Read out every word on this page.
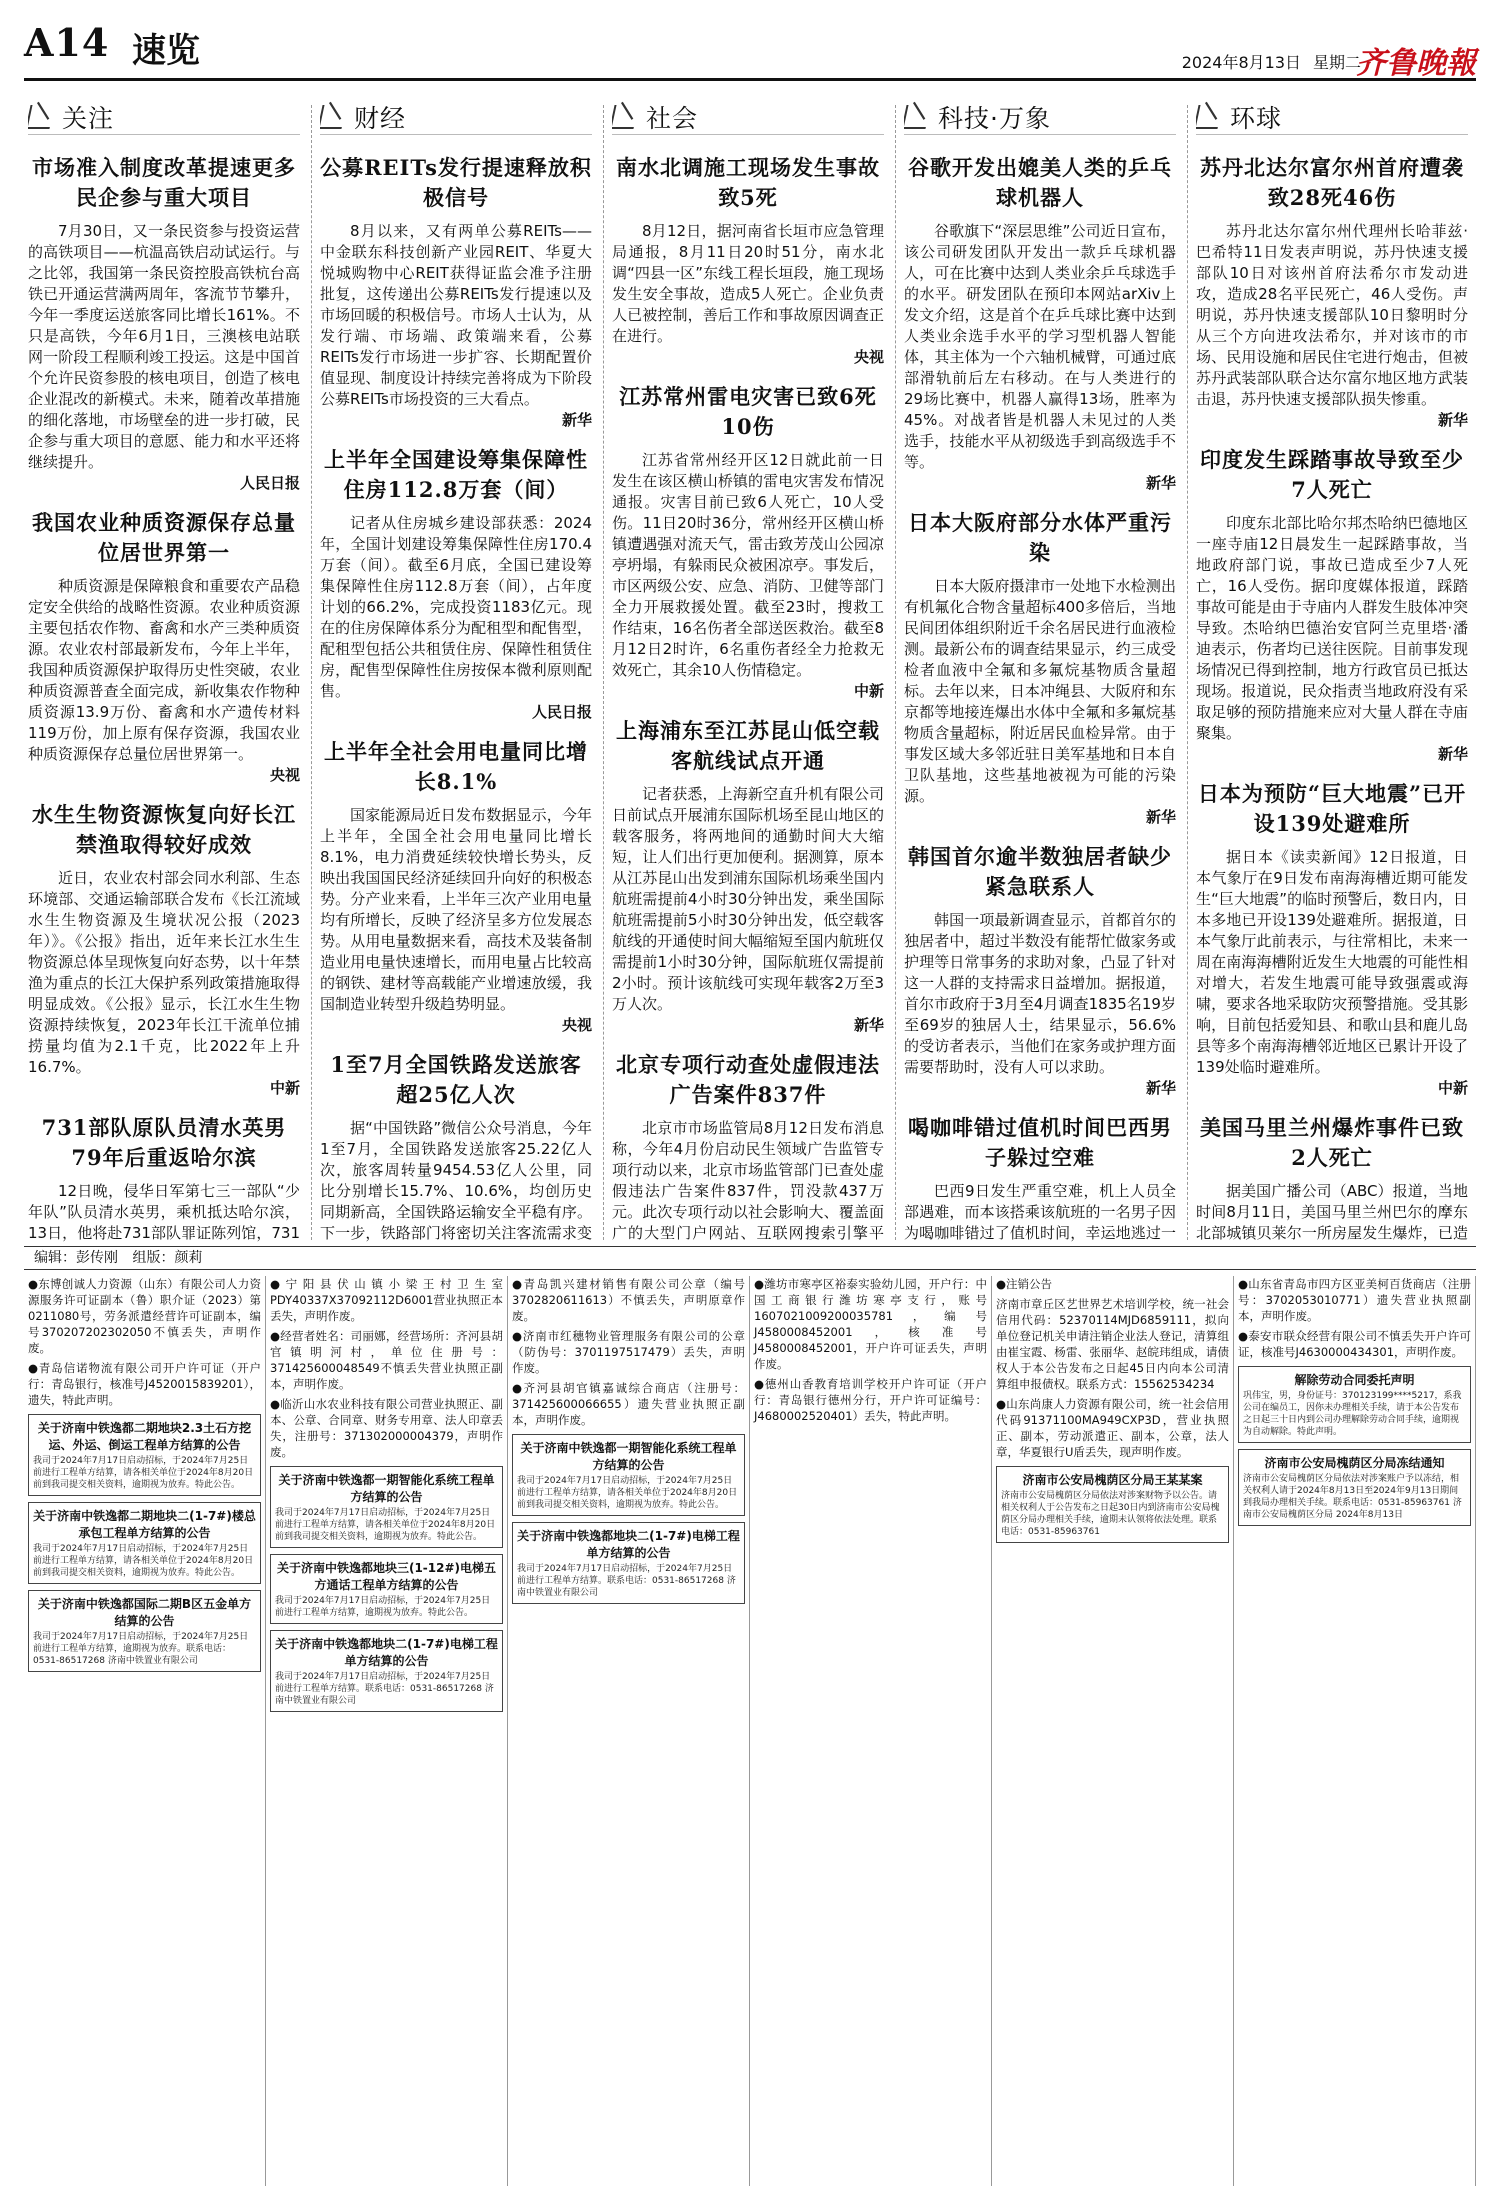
A14 速览	2024年8月13日 星期二
齐鲁晚報
关注
市场准入制度改革提速更多民企参与重大项目
7月30日，又一条民资参与投资运营的高铁项目——杭温高铁启动试运行。与之比邻，我国第一条民资控股高铁杭台高铁已开通运营满两周年，客流节节攀升，今年一季度运送旅客同比增长161%。不只是高铁，今年6月1日，三澳核电站联网一阶段工程顺利竣工投运。这是中国首个允许民资参股的核电项目，创造了核电企业混改的新模式。未来，随着改革措施的细化落地，市场壁垒的进一步打破，民企参与重大项目的意愿、能力和水平还将继续提升。
人民日报
我国农业种质资源保存总量位居世界第一
种质资源是保障粮食和重要农产品稳定安全供给的战略性资源。农业种质资源主要包括农作物、畜禽和水产三类种质资源。农业农村部最新发布，今年上半年，我国种质资源保护取得历史性突破，农业种质资源普查全面完成，新收集农作物种质资源13.9万份、畜禽和水产遗传材料119万份，加上原有保存资源，我国农业种质资源保存总量位居世界第一。
央视
水生生物资源恢复向好长江禁渔取得较好成效
近日，农业农村部会同水利部、生态环境部、交通运输部联合发布《长江流域水生生物资源及生境状况公报（2023年）》。《公报》指出，近年来长江水生生物资源总体呈现恢复向好态势，以十年禁渔为重点的长江大保护系列政策措施取得明显成效。《公报》显示，长江水生生物资源持续恢复，2023年长江干流单位捕捞量均值为2.1千克，比2022年上升16.7%。
中新
731部队原队员清水英男79年后重返哈尔滨
12日晚，侵华日军第七三一部队“少年队”队员清水英男，乘机抵达哈尔滨，13日，他将赴731部队罪证陈列馆，731
财经
公募REITs发行提速释放积极信号
8月以来，又有两单公募REITs——中金联东科技创新产业园REIT、华夏大悦城购物中心REIT获得证监会准予注册批复，这传递出公募REITs发行提速以及市场回暖的积极信号。市场人士认为，从发行端、市场端、政策端来看，公募REITs发行市场进一步扩容、长期配置价值显现、制度设计持续完善将成为下阶段公募REITs市场投资的三大看点。
新华
上半年全国建设筹集保障性住房112.8万套（间）
记者从住房城乡建设部获悉：2024年，全国计划建设筹集保障性住房170.4万套（间）。截至6月底，全国已建设筹集保障性住房112.8万套（间），占年度计划的66.2%，完成投资1183亿元。现在的住房保障体系分为配租型和配售型，配租型包括公共租赁住房、保障性租赁住房，配售型保障性住房按保本微利原则配售。
人民日报
上半年全社会用电量同比增长8.1%
国家能源局近日发布数据显示，今年上半年，全国全社会用电量同比增长8.1%，电力消费延续较快增长势头，反映出我国国民经济延续回升向好的积极态势。分产业来看，上半年三次产业用电量均有所增长，反映了经济呈多方位发展态势。从用电量数据来看，高技术及装备制造业用电量快速增长，而用电量占比较高的钢铁、建材等高载能产业增速放缓，我国制造业转型升级趋势明显。
央视
1至7月全国铁路发送旅客超25亿人次
据“中国铁路”微信公众号消息，今年1至7月，全国铁路发送旅客25.22亿人次，旅客周转量9454.53亿人公里，同比分别增长15.7%、10.6%，均创历史同期新高，全国铁路运输安全平稳有序。下一步，铁路部门将密切关注客流需求变
社会
南水北调施工现场发生事故致5死
8月12日，据河南省长垣市应急管理局通报，8月11日20时51分，南水北调“四县一区”东线工程长垣段，施工现场发生安全事故，造成5人死亡。企业负责人已被控制，善后工作和事故原因调查正在进行。
央视
江苏常州雷电灾害已致6死10伤
江苏省常州经开区12日就此前一日发生在该区横山桥镇的雷电灾害发布情况通报。灾害目前已致6人死亡，10人受伤。11日20时36分，常州经开区横山桥镇遭遇强对流天气，雷击致芳茂山公园凉亭坍塌，有躲雨民众被困凉亭。事发后，市区两级公安、应急、消防、卫健等部门全力开展救援处置。截至23时，搜救工作结束，16名伤者全部送医救治。截至8月12日2时许，6名重伤者经全力抢救无效死亡，其余10人伤情稳定。
中新
上海浦东至江苏昆山低空载客航线试点开通
记者获悉，上海新空直升机有限公司日前试点开展浦东国际机场至昆山地区的载客服务，将两地间的通勤时间大大缩短，让人们出行更加便利。据测算，原本从江苏昆山出发到浦东国际机场乘坐国内航班需提前4小时30分钟出发，乘坐国际航班需提前5小时30分钟出发，低空载客航线的开通使时间大幅缩短至国内航班仅需提前1小时30分钟，国际航班仅需提前2小时。预计该航线可实现年载客2万至3万人次。
新华
北京专项行动查处虚假违法广告案件837件
北京市市场监管局8月12日发布消息称，今年4月份启动民生领域广告监管专项行动以来，北京市场监管部门已查处虚假违法广告案件837件，罚没款437万元。此次专项行动以社会影响大、覆盖面广的大型门户网站、互联网搜索引擎平
科技·万象
谷歌开发出媲美人类的乒乓球机器人
谷歌旗下“深层思维”公司近日宣布，该公司研发团队开发出一款乒乓球机器人，可在比赛中达到人类业余乒乓球选手的水平。研发团队在预印本网站arXiv上发文介绍，这是首个在乒乓球比赛中达到人类业余选手水平的学习型机器人智能体，其主体为一个六轴机械臂，可通过底部滑轨前后左右移动。在与人类进行的29场比赛中，机器人赢得13场，胜率为45%。对战者皆是机器人未见过的人类选手，技能水平从初级选手到高级选手不等。
新华
日本大阪府部分水体严重污染
日本大阪府摄津市一处地下水检测出有机氟化合物含量超标400多倍后，当地民间团体组织附近千余名居民进行血液检测。最新公布的调查结果显示，约三成受检者血液中全氟和多氟烷基物质含量超标。去年以来，日本冲绳县、大阪府和东京都等地接连爆出水体中全氟和多氟烷基物质含量超标，附近居民血检异常。由于事发区域大多邻近驻日美军基地和日本自卫队基地，这些基地被视为可能的污染源。
新华
韩国首尔逾半数独居者缺少紧急联系人
韩国一项最新调查显示，首都首尔的独居者中，超过半数没有能帮忙做家务或护理等日常事务的求助对象，凸显了针对这一人群的支持需求日益增加。据报道，首尔市政府于3月至4月调查1835名19岁至69岁的独居人士，结果显示，56.6%的受访者表示，当他们在家务或护理方面需要帮助时，没有人可以求助。
新华
喝咖啡错过值机时间巴西男子躲过空难
巴西9日发生严重空难，机上人员全部遇难，而本该搭乘该航班的一名男子因为喝咖啡错过了值机时间，幸运地逃过一
环球
苏丹北达尔富尔州首府遭袭致28死46伤
苏丹北达尔富尔州代理州长哈菲兹·巴希特11日发表声明说，苏丹快速支援部队10日对该州首府法希尔市发动进攻，造成28名平民死亡，46人受伤。声明说，苏丹快速支援部队10日黎明时分从三个方向进攻法希尔，并对该市的市场、民用设施和居民住宅进行炮击，但被苏丹武装部队联合达尔富尔地区地方武装击退，苏丹快速支援部队损失惨重。
新华
印度发生踩踏事故导致至少7人死亡
印度东北部比哈尔邦杰哈纳巴德地区一座寺庙12日晨发生一起踩踏事故，当地政府部门说，事故已造成至少7人死亡，16人受伤。据印度媒体报道，踩踏事故可能是由于寺庙内人群发生肢体冲突导致。杰哈纳巴德治安官阿兰克里塔·潘迪表示，伤者均已送往医院。目前事发现场情况已得到控制，地方行政官员已抵达现场。报道说，民众指责当地政府没有采取足够的预防措施来应对大量人群在寺庙聚集。
新华
日本为预防“巨大地震”已开设139处避难所
据日本《读卖新闻》12日报道，日本气象厅在9日发布南海海槽近期可能发生“巨大地震”的临时预警后，数日内，日本多地已开设139处避难所。据报道，日本气象厅此前表示，与往常相比，未来一周在南海海槽附近发生大地震的可能性相对增大，若发生地震可能导致强震或海啸，要求各地采取防灾预警措施。受其影响，目前包括爱知县、和歌山县和鹿儿岛县等多个南海海槽邻近地区已累计开设了139处临时避难所。
中新
美国马里兰州爆炸事件已致2人死亡
据美国广播公司（ABC）报道，当地时间8月11日，美国马里兰州巴尔的摩东北部城镇贝莱尔一所房屋发生爆炸，已造
编辑：彭传刚 组版：颜莉
●东博创诚人力资源（山东）有限公司人力资源服务许可证副本（鲁）职介证（2023）第0211080号，劳务派遣经营许可证副本，编号370207202302050不慎丢失，声明作废。
●青岛信诺物流有限公司开户许可证（开户行：青岛银行，核准号J4520015839201），遗失，特此声明。
关于济南中铁逸都二期地块2.3土石方挖运、外运、倒运工程单方结算的公告
我司于2024年7月17日启动招标，于2024年7月25日前进行工程单方结算，请各相关单位于2024年8月20日前到我司提交相关资料，逾期视为放弃。特此公告。
关于济南中铁逸都二期地块二(1-7#)楼总承包工程单方结算的公告
我司于2024年7月17日启动招标，于2024年7月25日前进行工程单方结算，请各相关单位于2024年8月20日前到我司提交相关资料，逾期视为放弃。特此公告。
关于济南中铁逸都国际二期B区五金单方结算的公告
我司于2024年7月17日启动招标，于2024年7月25日前进行工程单方结算，逾期视为放弃。联系电话：0531-86517268 济南中铁置业有限公司
●宁阳县伏山镇小梁王村卫生室PDY40337X37092112D6001营业执照正本丢失，声明作废。
●经营者姓名：司丽娜，经营场所：齐河县胡官镇明河村，单位住册号：371425600048549不慎丢失营业执照正副本，声明作废。
●临沂山水农业科技有限公司营业执照正、副本、公章、合同章、财务专用章、法人印章丢失，注册号：371302000004379，声明作废。
关于济南中铁逸都一期智能化系统工程单方结算的公告
我司于2024年7月17日启动招标，于2024年7月25日前进行工程单方结算，请各相关单位于2024年8月20日前到我司提交相关资料，逾期视为放弃。特此公告。
关于济南中铁逸都地块三(1-12#)电梯五方通话工程单方结算的公告
我司于2024年7月17日启动招标，于2024年7月25日前进行工程单方结算，逾期视为放弃。特此公告。
关于济南中铁逸都地块二(1-7#)电梯工程单方结算的公告
我司于2024年7月17日启动招标，于2024年7月25日前进行工程单方结算。联系电话：0531-86517268 济南中铁置业有限公司
●青岛凯兴建材销售有限公司公章（编号3702820611613）不慎丢失，声明原章作废。
●济南市红穗物业管理服务有限公司的公章（防伪号：3701197517479）丢失，声明作废。
●齐河县胡官镇嘉诚综合商店（注册号：371425600066655）遗失营业执照正副本，声明作废。
关于济南中铁逸都一期智能化系统工程单方结算的公告
我司于2024年7月17日启动招标，于2024年7月25日前进行工程单方结算，请各相关单位于2024年8月20日前到我司提交相关资料，逾期视为放弃。特此公告。
关于济南中铁逸都地块二(1-7#)电梯工程单方结算的公告
我司于2024年7月17日启动招标，于2024年7月25日前进行工程单方结算。联系电话：0531-86517268 济南中铁置业有限公司
●潍坊市寒亭区裕泰实验幼儿园，开户行：中国工商银行潍坊寒亭支行，账号1607021009200035781，编号J4580008452001，核准号J4580008452001，开户许可证丢失，声明作废。
●德州山香教育培训学校开户许可证（开户行：青岛银行德州分行，开户许可证编号：J4680002520401）丢失，特此声明。
●注销公告
济南市章丘区艺世界艺术培训学校，统一社会信用代码：52370114MJD6859111，拟向单位登记机关申请注销企业法人登记，清算组由崔宝霞、杨雷、张丽华、赵皖玮组成，请债权人于本公告发布之日起45日内向本公司清算组申报债权。联系方式：15562534234
●山东尚康人力资源有限公司，统一社会信用代码91371100MA949CXP3D，营业执照正、副本，劳动派遣正、副本，公章，法人章，华夏银行U盾丢失，现声明作废。
济南市公安局槐荫区分局王某某案
济南市公安局槐荫区分局依法对涉案财物予以公告。请相关权利人于公告发布之日起30日内到济南市公安局槐荫区分局办理相关手续，逾期未认领将依法处理。联系电话：0531-85963761
●山东省青岛市四方区亚美柯百货商店（注册号：3702053010771）遗失营业执照副本，声明作废。
●泰安市联众经营有限公司不慎丢失开户许可证，核准号J4630000434301，声明作废。
解除劳动合同委托声明
巩伟宝，男，身份证号：370123199****5217，系我公司在编员工，因你未办理相关手续，请于本公告发布之日起三十日内到公司办理解除劳动合同手续，逾期视为自动解除。特此声明。
济南市公安局槐荫区分局冻结通知
济南市公安局槐荫区分局依法对涉案账户予以冻结，相关权利人请于2024年8月13日至2024年9月13日期间到我局办理相关手续。联系电话：0531-85963761 济南市公安局槐荫区分局 2024年8月13日
